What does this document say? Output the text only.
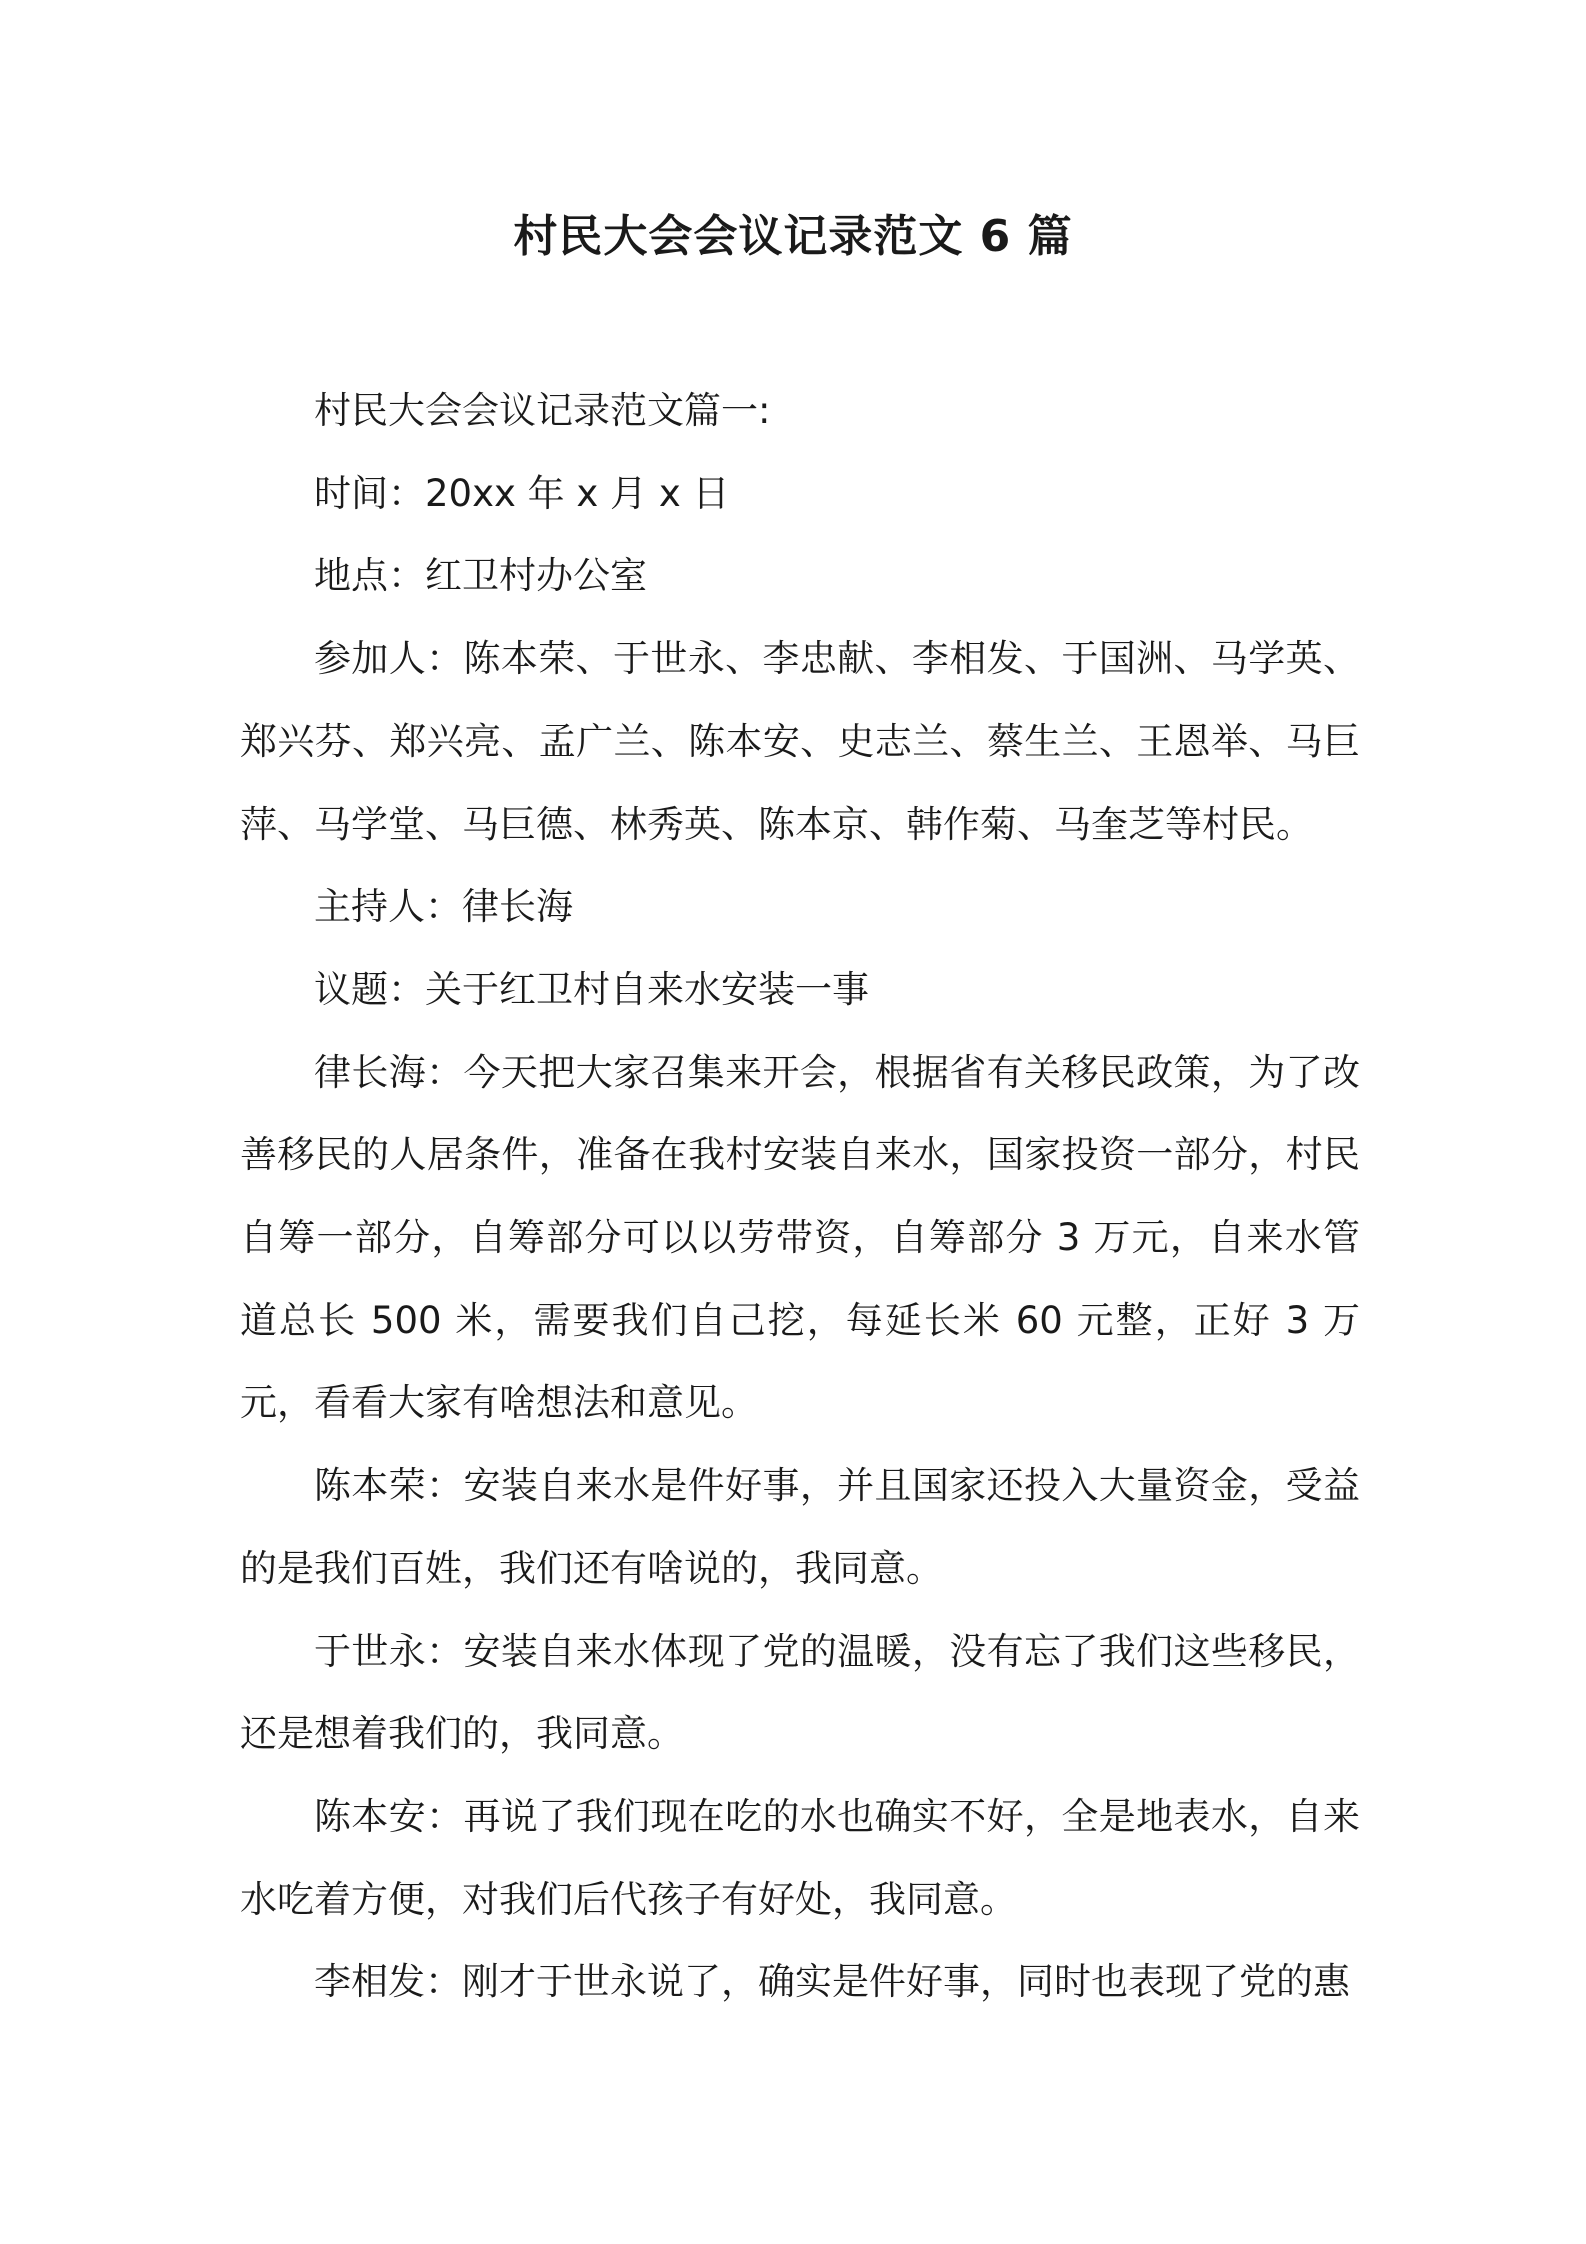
村民大会会议记录范文 6 篇

村民大会会议记录范文篇一:

时间：20xx 年 x 月 x 日

地点：红卫村办公室

参加人：陈本荣、于世永、李忠献、李相发、于国洲、马学英、郑兴芬、郑兴亮、孟广兰、陈本安、史志兰、蔡生兰、王恩举、马巨萍、马学堂、马巨德、林秀英、陈本京、韩作菊、马奎芝等村民。

主持人：律长海

议题：关于红卫村自来水安装一事

律长海：今天把大家召集来开会，根据省有关移民政策，为了改善移民的人居条件，准备在我村安装自来水，国家投资一部分，村民自筹一部分，自筹部分可以以劳带资，自筹部分 3 万元，自来水管道总长 500 米，需要我们自己挖，每延长米 60 元整，正好 3 万元，看看大家有啥想法和意见。

陈本荣：安装自来水是件好事，并且国家还投入大量资金，受益的是我们百姓，我们还有啥说的，我同意。

于世永：安装自来水体现了党的温暖，没有忘了我们这些移民，还是想着我们的，我同意。

陈本安：再说了我们现在吃的水也确实不好，全是地表水，自来水吃着方便，对我们后代孩子有好处，我同意。

李相发：刚才于世永说了，确实是件好事，同时也表现了党的惠
